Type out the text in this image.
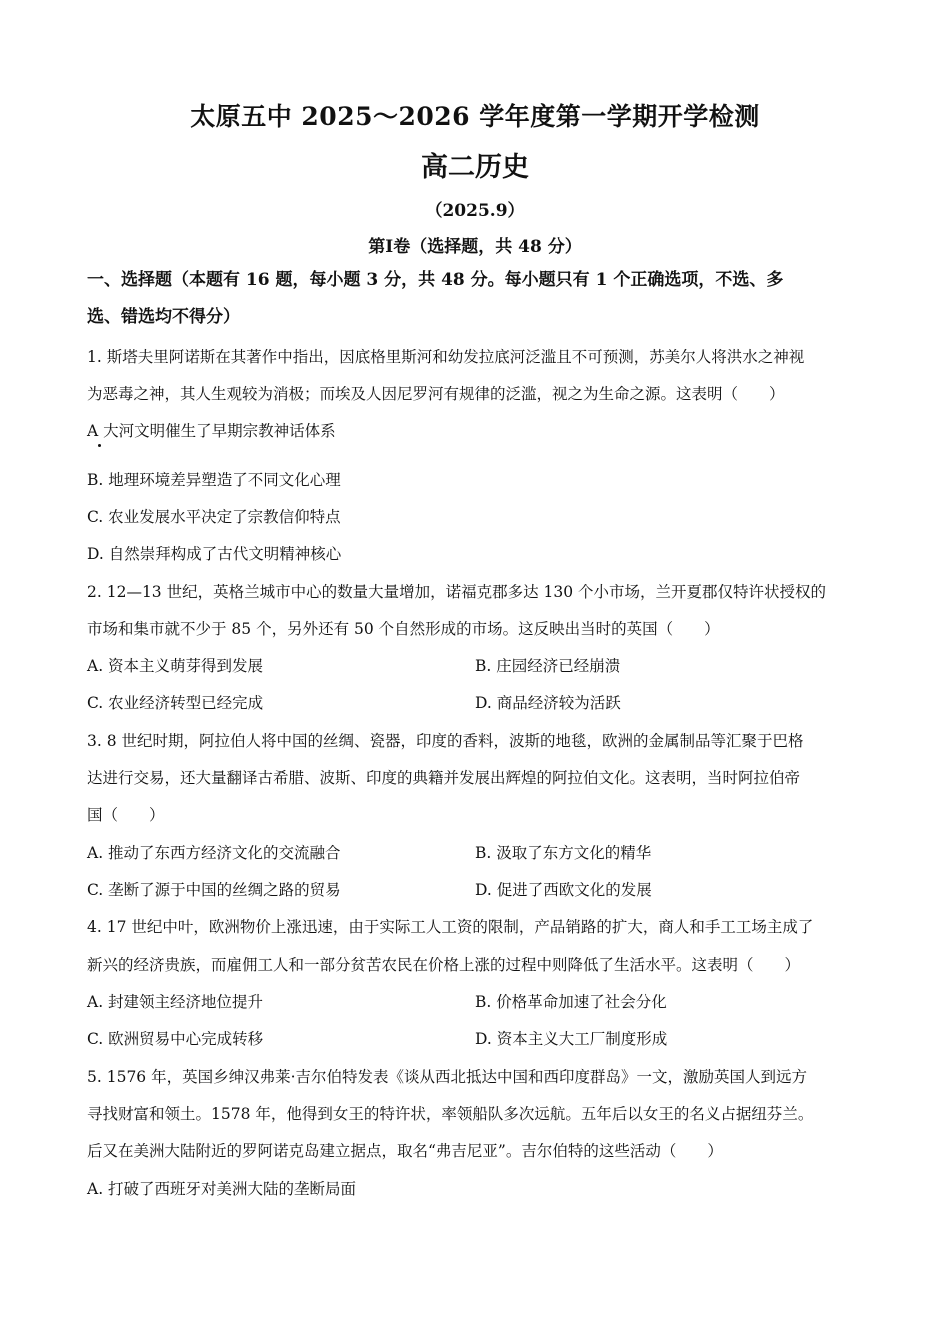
太原五中 2025～2026 学年度第一学期开学检测
高二历史
（2025.9）
第Ⅰ卷（选择题，共 48 分）
一、选择题（本题有 16 题，每小题 3 分，共 48 分。每小题只有 1 个正确选项，不选、多
选、错选均不得分）
1. 斯塔夫里阿诺斯在其著作中指出，因底格里斯河和幼发拉底河泛滥且不可预测，苏美尔人将洪水之神视
为恶毒之神，其人生观较为消极；而埃及人因尼罗河有规律的泛滥，视之为生命之源。这表明（　　）
A 大河文明催生了早期宗教神话体系
B. 地理环境差异塑造了不同文化心理
C. 农业发展水平决定了宗教信仰特点
D. 自然崇拜构成了古代文明精神核心
2. 12—13 世纪，英格兰城市中心的数量大量增加，诺福克郡多达 130 个小市场，兰开夏郡仅特许状授权的
市场和集市就不少于 85 个，另外还有 50 个自然形成的市场。这反映出当时的英国（　　）
A. 资本主义萌芽得到发展	B. 庄园经济已经崩溃
C. 农业经济转型已经完成	D. 商品经济较为活跃
3. 8 世纪时期，阿拉伯人将中国的丝绸、瓷器，印度的香料，波斯的地毯，欧洲的金属制品等汇聚于巴格
达进行交易，还大量翻译古希腊、波斯、印度的典籍并发展出辉煌的阿拉伯文化。这表明，当时阿拉伯帝
国（　　）
A. 推动了东西方经济文化的交流融合	B. 汲取了东方文化的精华
C. 垄断了源于中国的丝绸之路的贸易	D. 促进了西欧文化的发展
4. 17 世纪中叶，欧洲物价上涨迅速，由于实际工人工资的限制，产品销路的扩大，商人和手工工场主成了
新兴的经济贵族，而雇佣工人和一部分贫苦农民在价格上涨的过程中则降低了生活水平。这表明（　　）
A. 封建领主经济地位提升	B. 价格革命加速了社会分化
C. 欧洲贸易中心完成转移	D. 资本主义大工厂制度形成
5. 1576 年，英国乡绅汉弗莱·吉尔伯特发表《谈从西北抵达中国和西印度群岛》一文，激励英国人到远方
寻找财富和领土。1578 年，他得到女王的特许状，率领船队多次远航。五年后以女王的名义占据纽芬兰。
后又在美洲大陆附近的罗阿诺克岛建立据点，取名“弗吉尼亚”。吉尔伯特的这些活动（　　）
A. 打破了西班牙对美洲大陆的垄断局面
